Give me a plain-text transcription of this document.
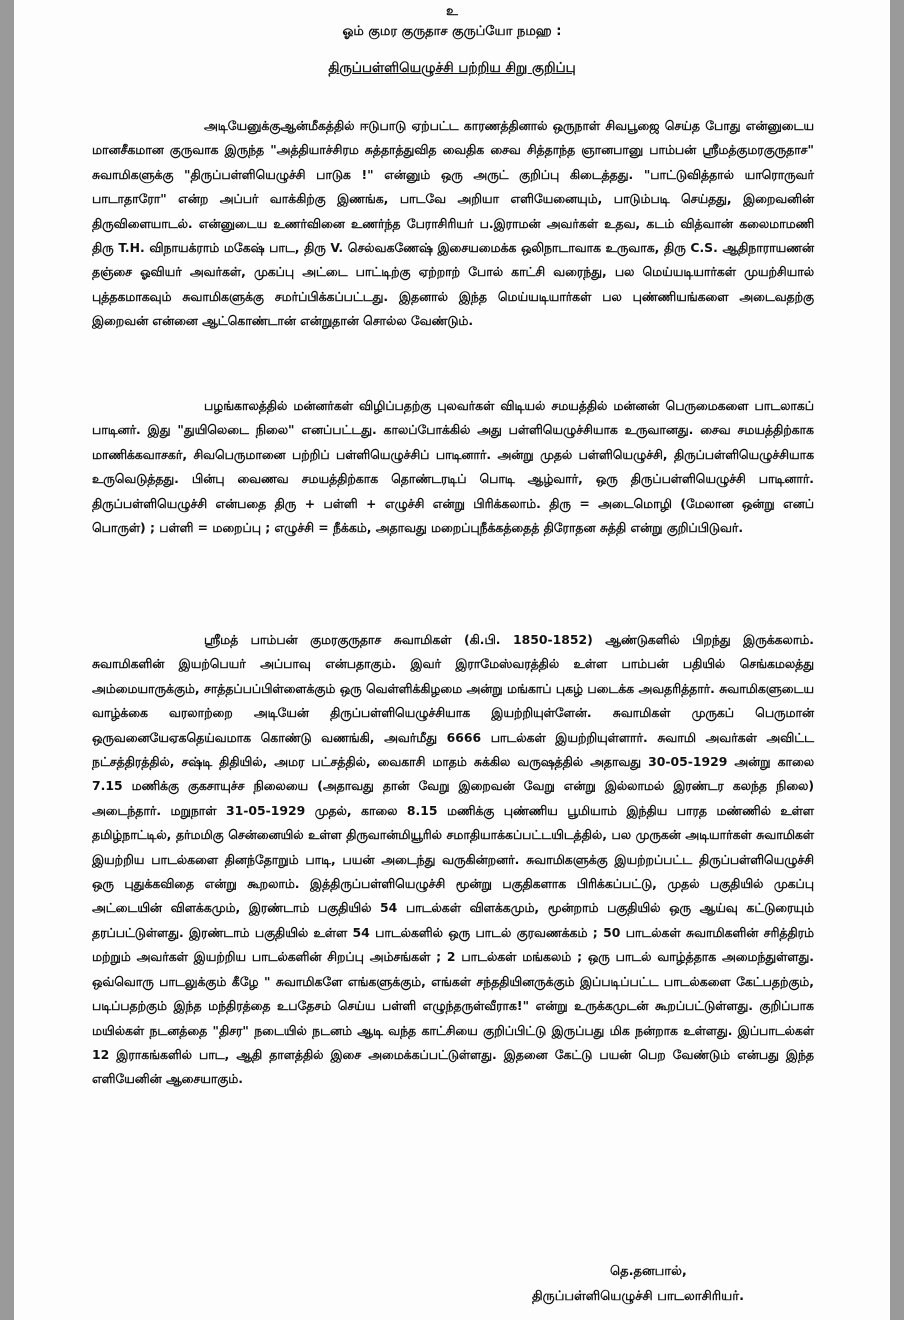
உ
ஓம் குமர குருதாச குருப்யோ நமஹ :
திருப்பள்ளியெழுச்சி பற்றிய சிறு குறிப்பு

அடியேனுக்குஆன்மீகத்தில் ஈடுபாடு ஏற்பட்ட காரணத்தினால் ஒருநாள் சிவபூஜை செய்த போது என்னுடைய மானசீகமான குருவாக இருந்த "அத்தியாச்சிரம சுத்தாத்துவித வைதிக சைவ சித்தாந்த ஞானபானு பாம்பன் ஸ்ரீமத்குமரகுருதாச" சுவாமிகளுக்கு "திருப்பள்ளியெழுச்சி பாடுக !" என்னும் ஒரு அருட் குறிப்பு கிடைத்தது. "பாட்டுவித்தால் யாரொருவர் பாடாதாரோ" என்ற அப்பர் வாக்கிற்கு இணங்க, பாடவே அறியா எளியேனையும், பாடும்படி செய்தது, இறைவனின் திருவிளையாடல். என்னுடைய உணர்வினை உணர்ந்த பேராசிரியர் ப.இராமன் அவர்கள் உதவ, கடம் வித்வான் கலைமாமணி திரு T.H. விநாயக்ராம் மகேஷ் பாட, திரு V. செல்வகணேஷ் இசையமைக்க ஒலிநாடாவாக உருவாக, திரு C.S. ஆதிநாராயணன் தஞ்சை ஓவியர் அவர்கள், முகப்பு அட்டை பாட்டிற்கு ஏற்றாற் போல் காட்சி வரைந்து, பல மெய்யடியார்கள் முயற்சியால் புத்தகமாகவும் சுவாமிகளுக்கு சமர்ப்பிக்கப்பட்டது. இதனால் இந்த மெய்யடியார்கள் பல புண்ணியங்களை அடைவதற்கு இறைவன் என்னை ஆட்கொண்டான் என்றுதான் சொல்ல வேண்டும்.

பழங்காலத்தில் மன்னர்கள் விழிப்பதற்கு புலவர்கள் விடியல் சமயத்தில் மன்னன் பெருமைகளை பாடலாகப் பாடினர். இது "துயிலெடை நிலை" எனப்பட்டது. காலப்போக்கில் அது பள்ளியெழுச்சியாக உருவானது. சைவ சமயத்திற்காக மாணிக்கவாசகர், சிவபெருமானை பற்றிப் பள்ளியெழுச்சிப் பாடினார். அன்று முதல் பள்ளியெழுச்சி, திருப்பள்ளியெழுச்சியாக உருவெடுத்தது. பின்பு வைணவ சமயத்திற்காக தொண்டரடிப் பொடி ஆழ்வார், ஒரு திருப்பள்ளியெழுச்சி பாடினார். திருப்பள்ளியெழுச்சி என்பதை திரு + பள்ளி + எழுச்சி என்று பிரிக்கலாம். திரு = அடைமொழி (மேலான ஒன்று எனப் பொருள்) ; பள்ளி = மறைப்பு ; எழுச்சி = நீக்கம், அதாவது மறைப்புநீக்கத்தைத் திரோதன சுத்தி என்று குறிப்பிடுவர்.

ஸ்ரீமத் பாம்பன் குமரகுருதாச சுவாமிகள் (கி.பி. 1850-1852) ஆண்டுகளில் பிறந்து இருக்கலாம். சுவாமிகளின் இயற்பெயர் அப்பாவு என்பதாகும். இவர் இராமேஸ்வரத்தில் உள்ள பாம்பன் பதியில் செங்கமலத்து அம்மையாருக்கும், சாத்தப்பப்பிள்ளைக்கும் ஒரு வெள்ளிக்கிழமை அன்று மங்காப் புகழ் படைக்க அவதரித்தார். சுவாமிகளுடைய வாழ்க்கை வரலாற்றை அடியேன் திருப்பள்ளியெழுச்சியாக இயற்றியுள்ளேன். சுவாமிகள் முருகப் பெருமான் ஒருவனையேஏகதெய்வமாக கொண்டு வணங்கி, அவர்மீது 6666 பாடல்கள் இயற்றியுள்ளார். சுவாமி அவர்கள் அவிட்ட நட்சத்திரத்தில், சஷ்டி திதியில், அமர பட்சத்தில், வைகாசி மாதம் சுக்கில வருஷத்தில் அதாவது 30-05-1929 அன்று காலை 7.15 மணிக்கு குகசாயுச்ச நிலையை (அதாவது தான் வேறு இறைவன் வேறு என்று இல்லாமல் இரண்டர கலந்த நிலை) அடைந்தார். மறுநாள் 31-05-1929 முதல், காலை 8.15 மணிக்கு புண்ணிய பூமியாம் இந்திய பாரத மண்ணில் உள்ள தமிழ்நாட்டில், தர்மமிகு சென்னையில் உள்ள திருவான்மியூரில் சமாதியாக்கப்பட்டயிடத்தில், பல முருகன் அடியார்கள் சுவாமிகள் இயற்றிய பாடல்களை தினந்தோறும் பாடி, பயன் அடைந்து வருகின்றனர். சுவாமிகளுக்கு இயற்றப்பட்ட திருப்பள்ளியெழுச்சி ஒரு புதுக்கவிதை என்று கூறலாம். இத்திருப்பள்ளியெழுச்சி மூன்று பகுதிகளாக பிரிக்கப்பட்டு, முதல் பகுதியில் முகப்பு அட்டையின் விளக்கமும், இரண்டாம் பகுதியில் 54 பாடல்கள் விளக்கமும், மூன்றாம் பகுதியில் ஒரு ஆய்வு கட்டுரையும் தரப்பட்டுள்ளது. இரண்டாம் பகுதியில் உள்ள 54 பாடல்களில் ஒரு பாடல் குரவணக்கம் ; 50 பாடல்கள் சுவாமிகளின் சரித்திரம் மற்றும் அவர்கள் இயற்றிய பாடல்களின் சிறப்பு அம்சங்கள் ; 2 பாடல்கள் மங்கலம் ; ஒரு பாடல் வாழ்த்தாக அமைந்துள்ளது. ஒவ்வொரு பாடலுக்கும் கீழே " சுவாமிகளே எங்களுக்கும், எங்கள் சந்ததியினருக்கும் இப்படிப்பட்ட பாடல்களை கேட்பதற்கும், படிப்பதற்கும் இந்த மந்திரத்தை உபதேசம் செய்ய பள்ளி எழுந்தருள்வீராக!" என்று உருக்கமுடன் கூறப்பட்டுள்ளது. குறிப்பாக மயில்கள் நடனத்தை "திசர" நடையில் நடனம் ஆடி வந்த காட்சியை குறிப்பிட்டு இருப்பது மிக நன்றாக உள்ளது. இப்பாடல்கள் 12 இராகங்களில் பாட, ஆதி தாளத்தில் இசை அமைக்கப்பட்டுள்ளது. இதனை கேட்டு பயன் பெற வேண்டும் என்பது இந்த எளியேனின் ஆசையாகும்.

தெ.தனபால்,
திருப்பள்ளியெழுச்சி பாடலாசிரியர்.
